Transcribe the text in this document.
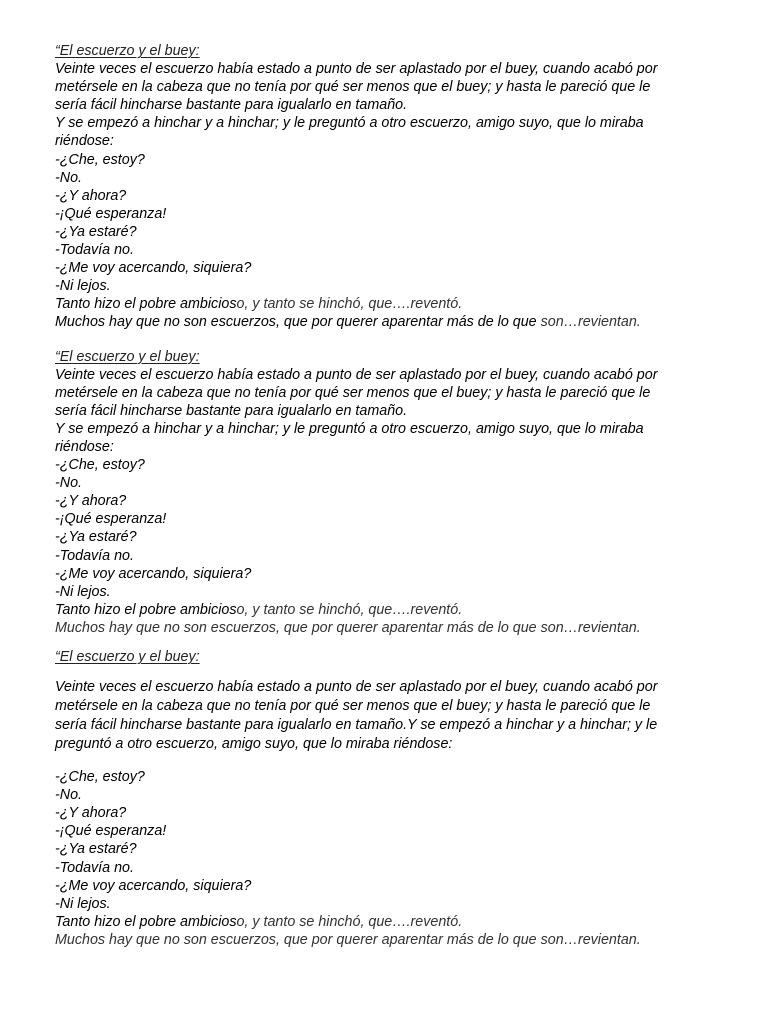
“El escuerzo y el buey:
Veinte veces el escuerzo había estado a punto de ser aplastado por el buey, cuando acabó por
metérsele en la cabeza que no tenía por qué ser menos que el buey; y hasta le pareció que le
sería fácil hincharse bastante para igualarlo en tamaño.
Y se empezó a hinchar y a hinchar; y le preguntó a otro escuerzo, amigo suyo, que lo miraba
riéndose:
-¿Che, estoy?
-No.
-¿Y ahora?
-¡Qué esperanza!
-¿Ya estaré?
-Todavía no.
-¿Me voy acercando, siquiera?
-Ni lejos.
Tanto hizo el pobre ambicioso, y tanto se hinchó, que….reventó.
Muchos hay que no son escuerzos, que por querer aparentar más de lo que son…revientan.
“El escuerzo y el buey:
Veinte veces el escuerzo había estado a punto de ser aplastado por el buey, cuando acabó por
metérsele en la cabeza que no tenía por qué ser menos que el buey; y hasta le pareció que le
sería fácil hincharse bastante para igualarlo en tamaño.
Y se empezó a hinchar y a hinchar; y le preguntó a otro escuerzo, amigo suyo, que lo miraba
riéndose:
-¿Che, estoy?
-No.
-¿Y ahora?
-¡Qué esperanza!
-¿Ya estaré?
-Todavía no.
-¿Me voy acercando, siquiera?
-Ni lejos.
Tanto hizo el pobre ambicioso, y tanto se hinchó, que….reventó.
Muchos hay que no son escuerzos, que por querer aparentar más de lo que son…revientan.
“El escuerzo y el buey:
Veinte veces el escuerzo había estado a punto de ser aplastado por el buey, cuando acabó por
metérsele en la cabeza que no tenía por qué ser menos que el buey; y hasta le pareció que le
sería fácil hincharse bastante para igualarlo en tamaño.Y se empezó a hinchar y a hinchar; y le
preguntó a otro escuerzo, amigo suyo, que lo miraba riéndose:
-¿Che, estoy?
-No.
-¿Y ahora?
-¡Qué esperanza!
-¿Ya estaré?
-Todavía no.
-¿Me voy acercando, siquiera?
-Ni lejos.
Tanto hizo el pobre ambicioso, y tanto se hinchó, que….reventó.
Muchos hay que no son escuerzos, que por querer aparentar más de lo que son…revientan.
